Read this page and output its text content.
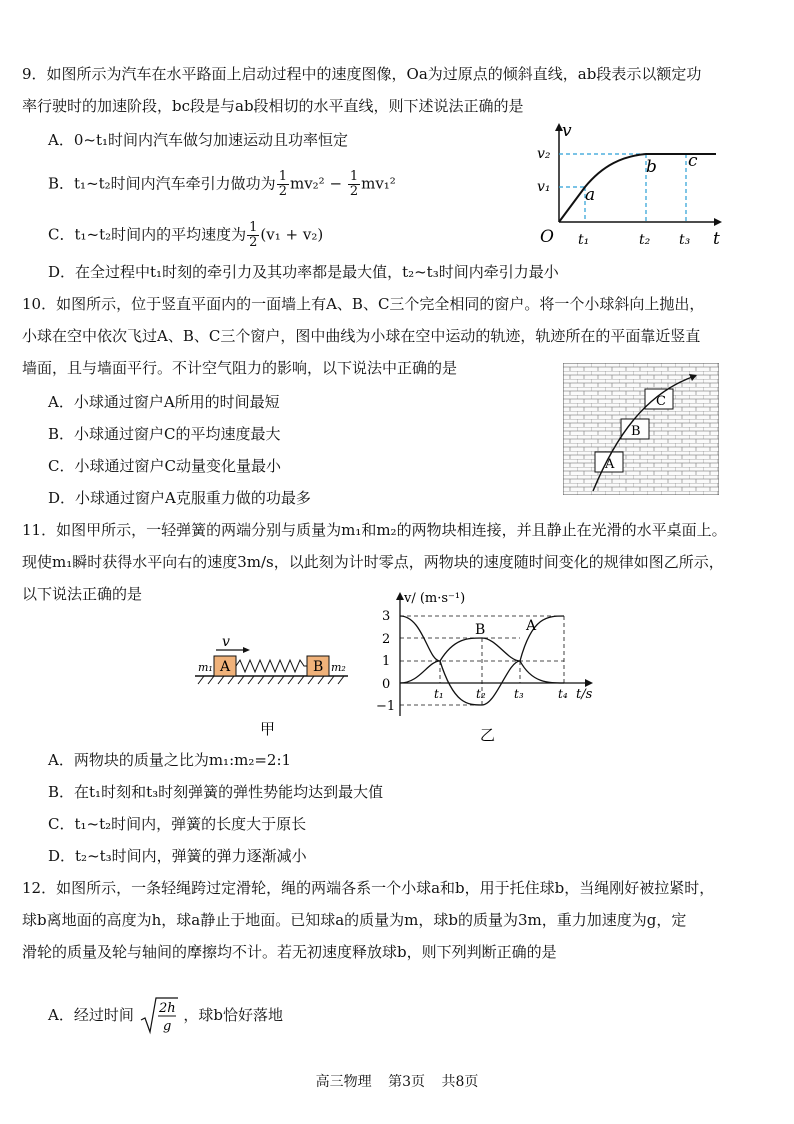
9．如图所示为汽车在水平路面上启动过程中的速度图像，Oa为过原点的倾斜直线，ab段表示以额定功
率行驶时的加速阶段，bc段是与ab段相切的水平直线，则下述说法正确的是
A．0~t₁时间内汽车做匀加速运动且功率恒定
B．t₁~t₂时间内汽车牵引力做功为 $\frac{1}{2} mv_2^2 - \frac{1}{2} mv_1^2$
C．t₁~t₂时间内的平均速度为 $\frac{1}{2} (v_1 + v_2)$
D．在全过程中t₁时刻的牵引力及其功率都是最大值，t₂~t₃时间内牵引力最小
v
t
O
v₁
v₂
t₁	t₂ t₃
a
b c
10．如图所示，位于竖直平面内的一面墙上有A、B、C三个完全相同的窗户。将一个小球斜向上抛出，
小球在空中依次飞过A、B、C三个窗户，图中曲线为小球在空中运动的轨迹，轨迹所在的平面靠近竖直
墙面，且与墙面平行。不计空气阻力的影响，以下说法中正确的是
A．小球通过窗户A所用的时间最短
B．小球通过窗户C的平均速度最大
C．小球通过窗户C动量变化量最小
D．小球通过窗户A克服重力做的功最多
A
B
C
11．如图甲所示，一轻弹簧的两端分别与质量为m₁和m₂的两物块相连接，并且静止在光滑的水平桌面上。
现使m₁瞬时获得水平向右的速度3m/s，以此刻为计时零点，两物块的速度随时间变化的规律如图乙所示，
以下说法正确的是
v
m₁ A	B m₂
甲
v/ (m·s⁻¹)
t/s
3
2
1
0
−1
t₁	t₂ t₃	t₄
A
B
乙
A．两物块的质量之比为m₁:m₂=2:1
B．在t₁时刻和t₃时刻弹簧的弹性势能均达到最大值
C．t₁~t₂时间内，弹簧的长度大于原长
D．t₂~t₃时间内，弹簧的弹力逐渐减小
12．如图所示，一条轻绳跨过定滑轮，绳的两端各系一个小球a和b，用于托住球b，当绳刚好被拉紧时，
球b离地面的高度为h，球a静止于地面。已知球a的质量为m，球b的质量为3m，重力加速度为g，定
滑轮的质量及轮与轴间的摩擦均不计。若无初速度释放球b，则下列判断正确的是
A．经过时间 2h
g
，球b恰好落地
高三物理 第3页 共8页
